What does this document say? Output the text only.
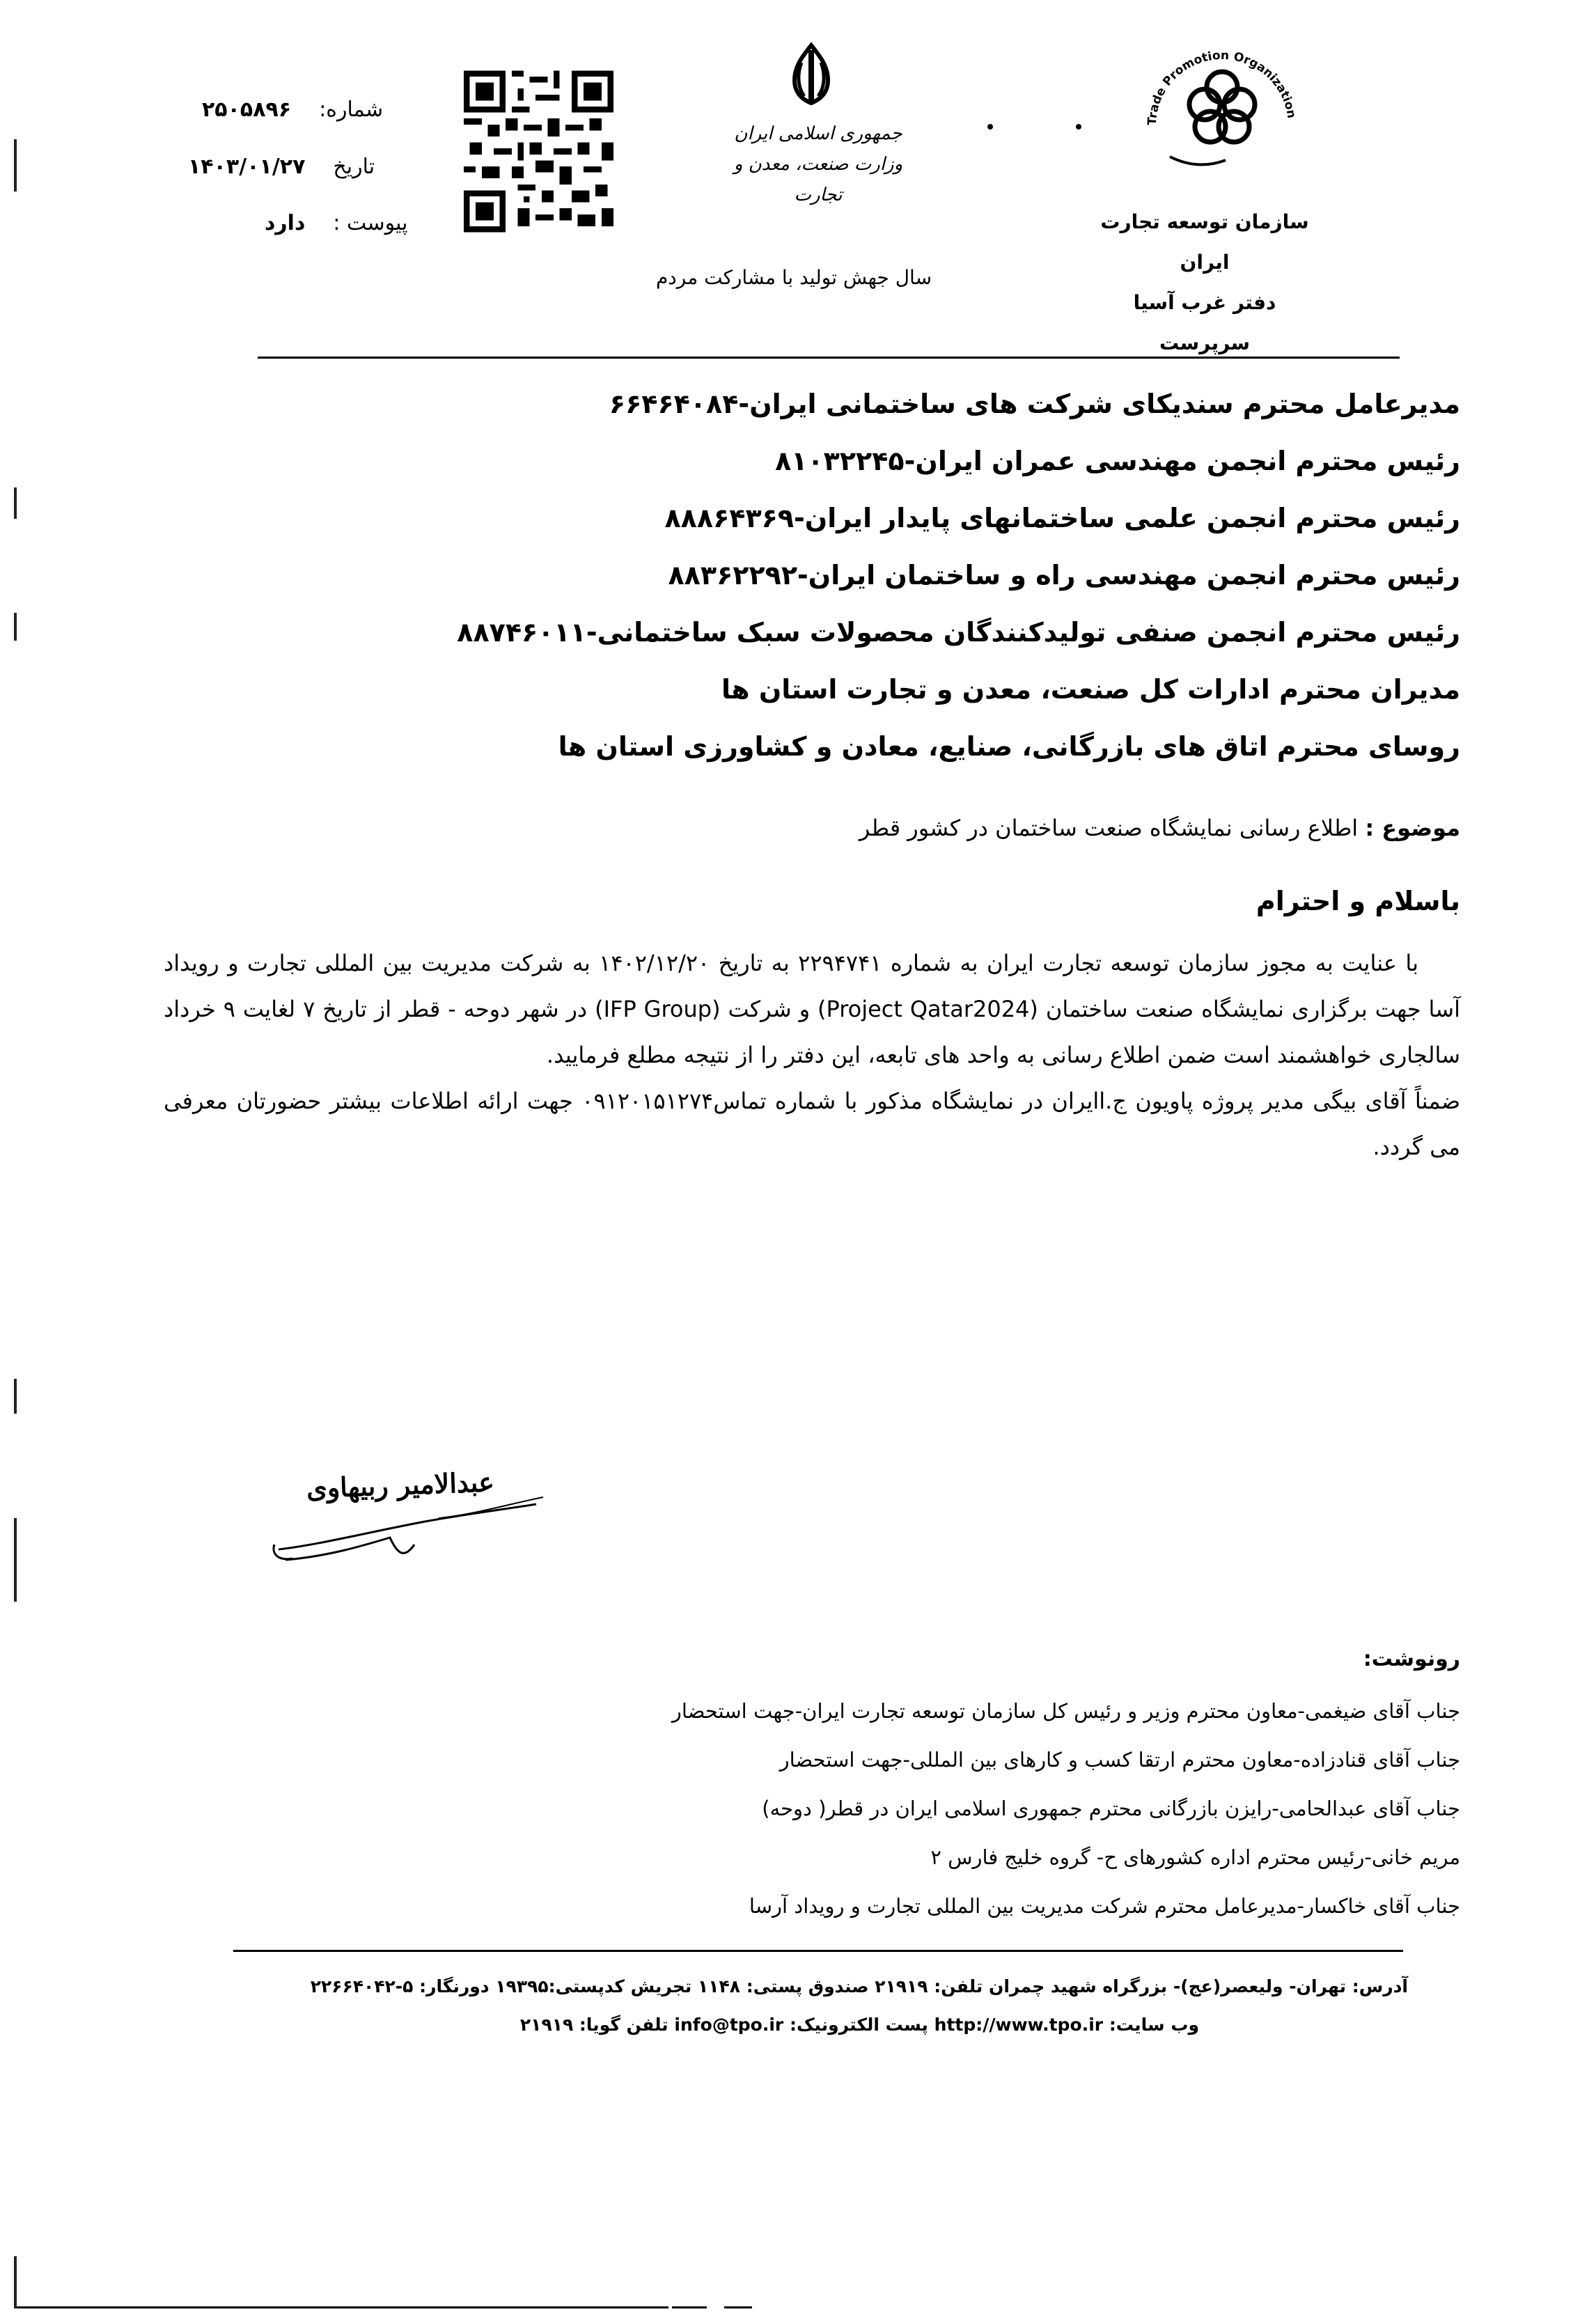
شماره:
۲۵۰۵۸۹۶
تاریخ
۱۴۰۳/۰۱/۲۷
پیوست :
دارد
جمهوری اسلامی ایران
وزارت صنعت، معدن و تجارت
سال جهش تولید با مشارکت مردم
Trade Promotion Organization
سازمان توسعه تجارت ایران
دفتر غرب آسیا
سرپرست
مدیرعامل محترم سندیکای شرکت های ساختمانی ایران-۶۶۴۶۴۰۸۴
رئیس محترم انجمن مهندسی عمران ایران-۸۱۰۳۲۲۴۵
رئیس محترم انجمن علمی ساختمانهای پایدار ایران-۸۸۸۶۴۳۶۹
رئیس محترم انجمن مهندسی راه و ساختمان ایران-۸۸۳۶۲۲۹۲
رئیس محترم انجمن صنفی تولیدکنندگان محصولات سبک ساختمانی-۸۸۷۴۶۰۱۱
مدیران محترم ادارات کل صنعت، معدن و تجارت استان ها
روسای محترم اتاق های بازرگانی، صنایع، معادن و کشاورزی استان ها
موضوع : اطلاع رسانی نمایشگاه صنعت ساختمان در کشور قطر
باسلام و احترام

با عنایت به مجوز سازمان توسعه تجارت ایران به شماره ۲۲۹۴۷۴۱ به تاریخ ۱۴۰۲/۱۲/۲۰ به شرکت مدیریت بین المللی تجارت و رویداد آسا جهت برگزاری نمایشگاه صنعت ساختمان (Project Qatar2024) و شرکت (IFP Group) در شهر دوحه - قطر از تاریخ ۷ لغایت ۹ خرداد سالجاری خواهشمند است ضمن اطلاع رسانی به واحد های تابعه، این دفتر را از نتیجه مطلع فرمایید.

ضمناً آقای بیگی مدیر پروژه پاویون ج.اایران در نمایشگاه مذکور با شماره تماس۰۹۱۲۰۱۵۱۲۷۴ جهت ارائه اطلاعات بیشتر حضورتان معرفی می گردد.

عبدالامیر ربیهاوی
رونوشت:
جناب آقای ضیغمی-معاون محترم وزیر و رئیس کل سازمان توسعه تجارت ایران-جهت استحضار
جناب آقای قنادزاده-معاون محترم ارتقا کسب و کارهای بین المللی-جهت استحضار
جناب آقای عبدالحامی-رایزن بازرگانی محترم جمهوری اسلامی ایران در قطر( دوحه)
مریم خانی-رئیس محترم اداره کشورهای ح- گروه خلیج فارس ۲
جناب آقای خاکسار-مدیرعامل محترم شرکت مدیریت بین المللی تجارت و رویداد آرسا
آدرس: تهران- ولیعصر(عج)- بزرگراه شهید چمران تلفن: ۲۱۹۱۹ صندوق پستی: ۱۱۴۸ تجریش کدپستی:۱۹۳۹۵ دورنگار: ۵-۲۲۶۶۴۰۴۲
وب سایت: http://www.tpo.ir پست الکترونیک: info@tpo.ir تلفن گویا: ۲۱۹۱۹
